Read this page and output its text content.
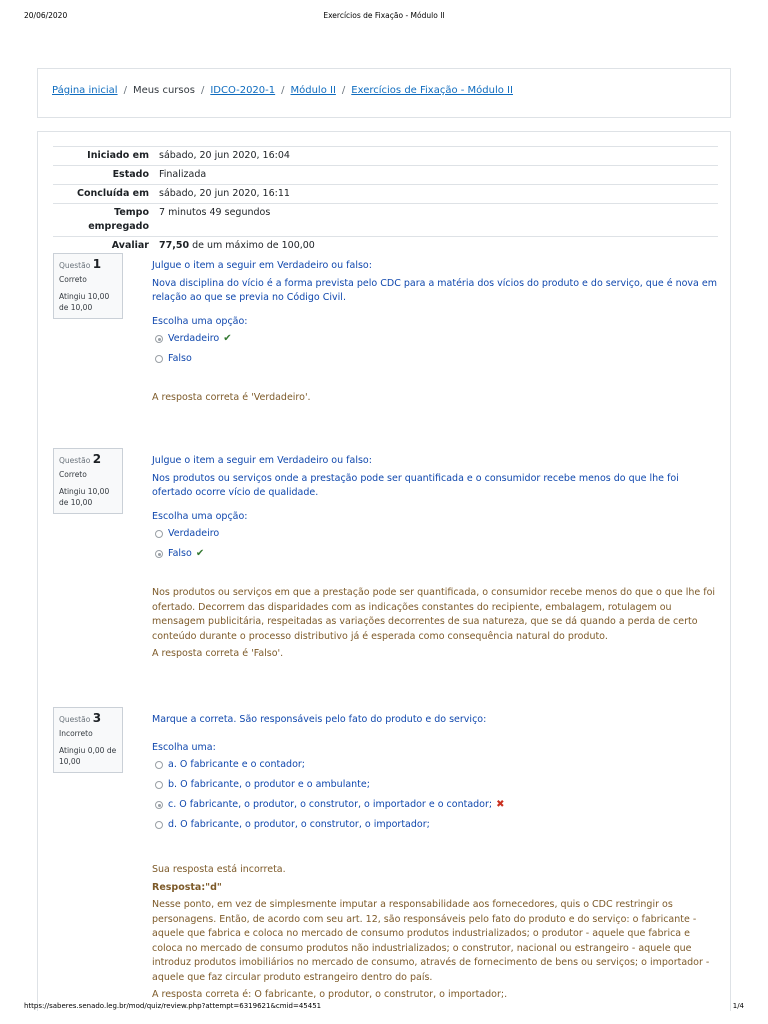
20/06/2020	Exercícios de Fixação - Módulo II
Página inicial / Meus cursos / IDCO-2020-1 / Módulo II / Exercícios de Fixação - Módulo II
Iniciado em	sábado, 20 jun 2020, 16:04
Estado	Finalizada
Concluída em	sábado, 20 jun 2020, 16:11
Tempo empregado	7 minutos 49 segundos
Avaliar	77,50 de um máximo de 100,00
Questão 1
Correto
Atingiu 10,00 de 10,00

Julgue o item a seguir em Verdadeiro ou falso:

Nova disciplina do vício é a forma prevista pelo CDC para a matéria dos vícios do produto e do serviço, que é nova em relação ao que se previa no Código Civil.

Escolha uma opção:
Verdadeiro ✔
Falso
A resposta correta é 'Verdadeiro'.
Questão 2
Correto
Atingiu 10,00 de 10,00

Julgue o item a seguir em Verdadeiro ou falso:

Nos produtos ou serviços onde a prestação pode ser quantificada e o consumidor recebe menos do que lhe foi ofertado ocorre vício de qualidade.

Escolha uma opção:
Verdadeiro
Falso ✔

Nos produtos ou serviços em que a prestação pode ser quantificada, o consumidor recebe menos do que o que lhe foi ofertado. Decorrem das disparidades com as indicações constantes do recipiente, embalagem, rotulagem ou mensagem publicitária, respeitadas as variações decorrentes de sua natureza, que se dá quando a perda de certo conteúdo durante o processo distributivo já é esperada como consequência natural do produto.

A resposta correta é 'Falso'.

Questão 3
Incorreto
Atingiu 0,00 de 10,00

Marque a correta. São responsáveis pelo fato do produto e do serviço:

Escolha uma:
a. O fabricante e o contador;
b. O fabricante, o produtor e o ambulante;
c. O fabricante, o produtor, o construtor, o importador e o contador; ✖
d. O fabricante, o produtor, o construtor, o importador;

Sua resposta está incorreta.

Resposta:"d"

Nesse ponto, em vez de simplesmente imputar a responsabilidade aos fornecedores, quis o CDC restringir os personagens. Então, de acordo com seu art. 12, são responsáveis pelo fato do produto e do serviço: o fabricante - aquele que fabrica e coloca no mercado de consumo produtos industrializados; o produtor - aquele que fabrica e coloca no mercado de consumo produtos não industrializados; o construtor, nacional ou estrangeiro - aquele que introduz produtos imobiliários no mercado de consumo, através de fornecimento de bens ou serviços; o importador - aquele que faz circular produto estrangeiro dentro do país.

A resposta correta é: O fabricante, o produtor, o construtor, o importador;.

https://saberes.senado.leg.br/mod/quiz/review.php?attempt=6319621&cmid=45451	1/4
